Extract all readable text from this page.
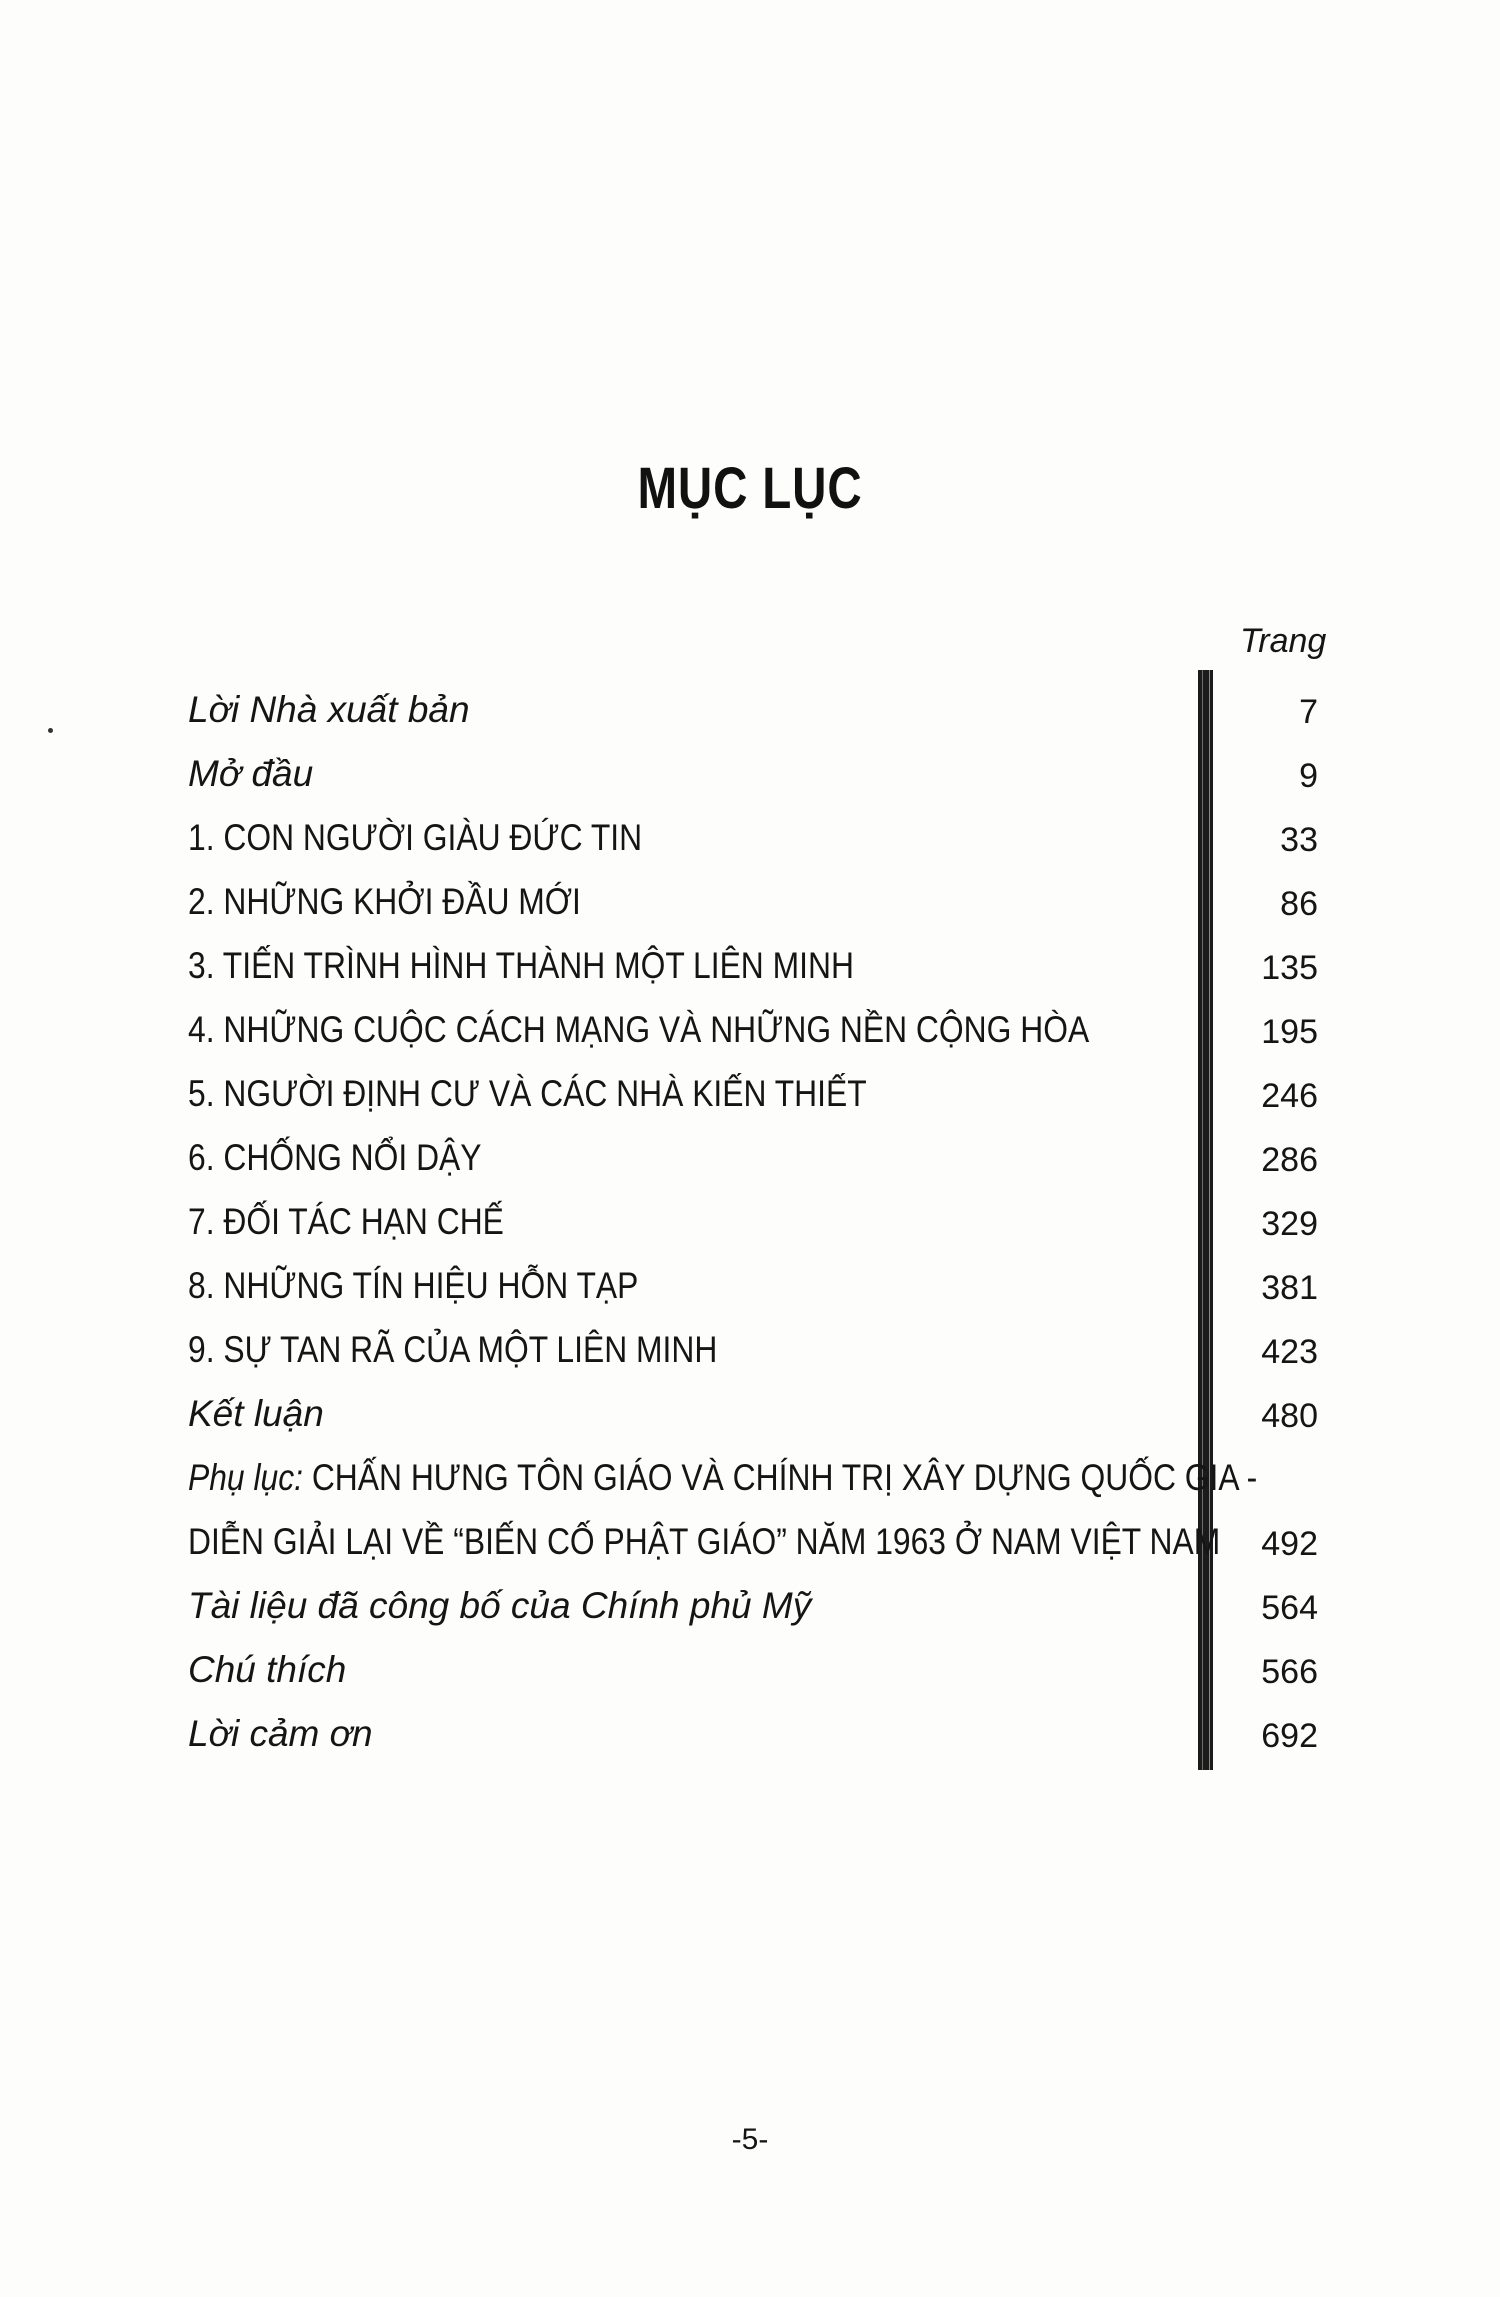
MỤC LỤC
Trang
Lời Nhà xuất bản	7
Mở đầu	9
1. CON NGƯỜI GIÀU ĐỨC TIN	33
2. NHỮNG KHỞI ĐẦU MỚI	86
3. TIẾN TRÌNH HÌNH THÀNH MỘT LIÊN MINH	135
4. NHỮNG CUỘC CÁCH MẠNG VÀ NHỮNG NỀN CỘNG HÒA	195
5. NGƯỜI ĐỊNH CƯ VÀ CÁC NHÀ KIẾN THIẾT	246
6. CHỐNG NỔI DẬY	286
7. ĐỐI TÁC HẠN CHẾ	329
8. NHỮNG TÍN HIỆU HỖN TẠP	381
9. SỰ TAN RÃ CỦA MỘT LIÊN MINH	423
Kết luận	480
Phụ lục: CHẤN HƯNG TÔN GIÁO VÀ CHÍNH TRỊ XÂY DỰNG QUỐC GIA -
DIỄN GIẢI LẠI VỀ “BIẾN CỐ PHẬT GIÁO” NĂM 1963 Ở NAM VIỆT NAM	492
Tài liệu đã công bố của Chính phủ Mỹ	564
Chú thích	566
Lời cảm ơn	692
-5-
